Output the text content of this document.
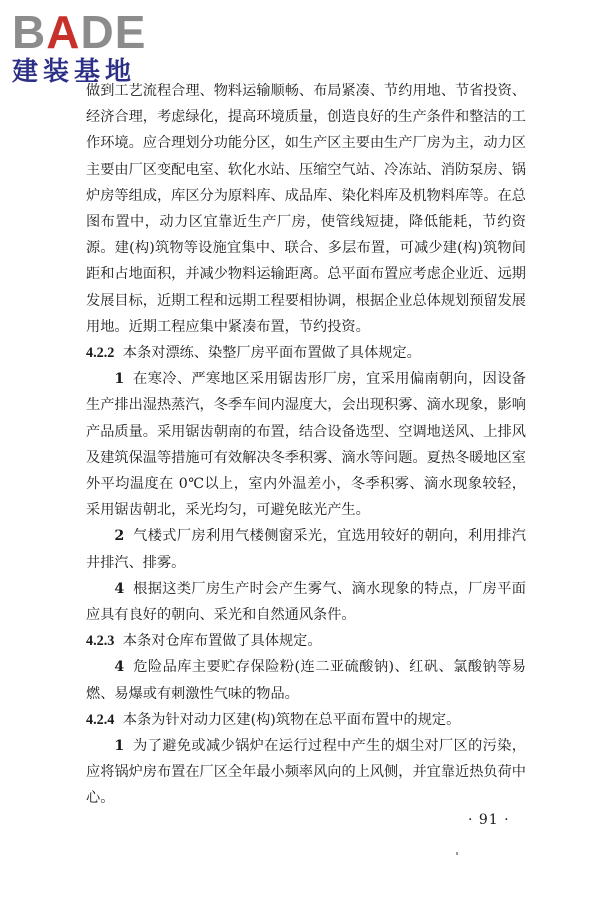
BADE
建装基地

做到工艺流程合理、物料运输顺畅、布局紧凑、节约用地、节省投资、经济合理，考虑绿化，提高环境质量，创造良好的生产条件和整洁的工作环境。应合理划分功能分区，如生产区主要由生产厂房为主，动力区主要由厂区变配电室、软化水站、压缩空气站、冷冻站、消防泵房、锅炉房等组成，库区分为原料库、成品库、染化料库及机物料库等。在总图布置中，动力区宜靠近生产厂房，使管线短捷，降低能耗，节约资源。建(构)筑物等设施宜集中、联合、多层布置，可减少建(构)筑物间距和占地面积，并减少物料运输距离。总平面布置应考虑企业近、远期发展目标，近期工程和远期工程要相协调，根据企业总体规划预留发展用地。近期工程应集中紧凑布置，节约投资。

4.2.2 本条对漂练、染整厂房平面布置做了具体规定。

1 在寒冷、严寒地区采用锯齿形厂房，宜采用偏南朝向，因设备生产排出湿热蒸汽，冬季车间内湿度大，会出现积雾、滴水现象，影响产品质量。采用锯齿朝南的布置，结合设备选型、空调地送风、上排风及建筑保温等措施可有效解决冬季积雾、滴水等问题。夏热冬暖地区室外平均温度在 0℃以上，室内外温差小，冬季积雾、滴水现象较轻，采用锯齿朝北，采光均匀，可避免眩光产生。

2 气楼式厂房利用气楼侧窗采光，宜选用较好的朝向，利用排汽井排汽、排雾。

4 根据这类厂房生产时会产生雾气、滴水现象的特点，厂房平面应具有良好的朝向、采光和自然通风条件。

4.2.3 本条对仓库布置做了具体规定。

4 危险品库主要贮存保险粉(连二亚硫酸钠)、红矾、氯酸钠等易燃、易爆或有刺激性气味的物品。

4.2.4 本条为针对动力区建(构)筑物在总平面布置中的规定。

1 为了避免或减少锅炉在运行过程中产生的烟尘对厂区的污染，应将锅炉房布置在厂区全年最小频率风向的上风侧，并宜靠近热负荷中心。

· 91 ·
